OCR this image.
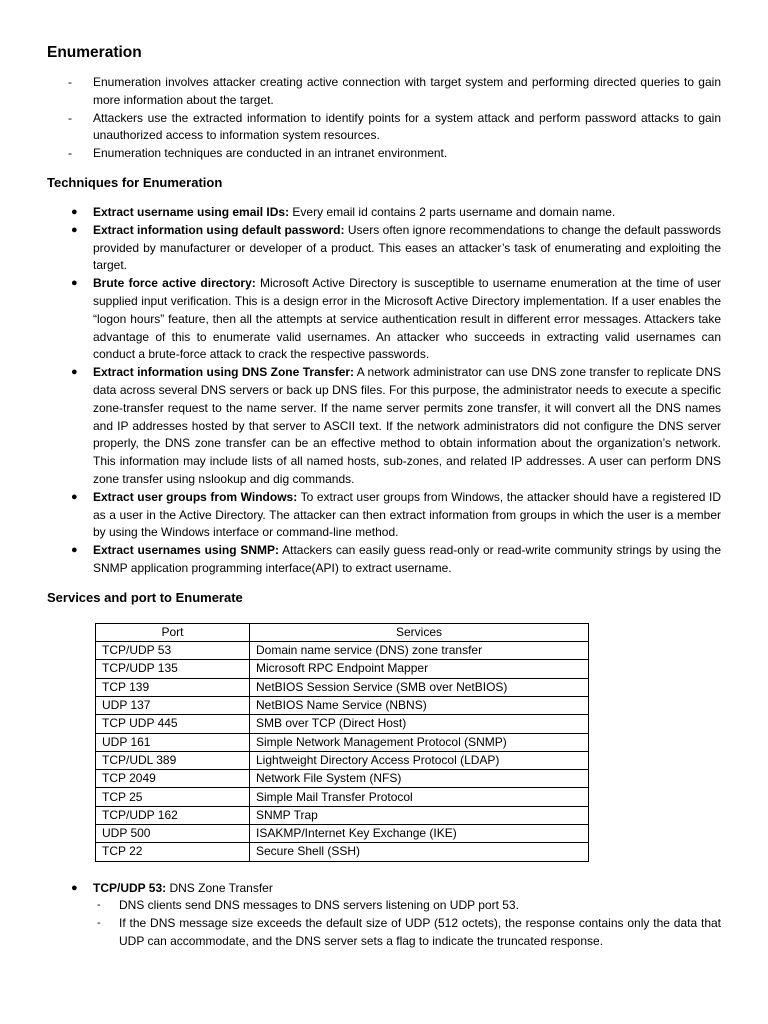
Enumeration
- Enumeration involves attacker creating active connection with target system and performing directed queries to gain more information about the target.
- Attackers use the extracted information to identify points for a system attack and perform password attacks to gain unauthorized access to information system resources.
- Enumeration techniques are conducted in an intranet environment.
Techniques for Enumeration
● Extract username using email IDs: Every email id contains 2 parts username and domain name.
● Extract information using default password: Users often ignore recommendations to change the default passwords provided by manufacturer or developer of a product. This eases an attacker’s task of enumerating and exploiting the target.
● Brute force active directory: Microsoft Active Directory is susceptible to username enumeration at the time of user supplied input verification. This is a design error in the Microsoft Active Directory implementation. If a user enables the “logon hours” feature, then all the attempts at service authentication result in different error messages. Attackers take advantage of this to enumerate valid usernames. An attacker who succeeds in extracting valid usernames can conduct a brute-force attack to crack the respective passwords.
● Extract information using DNS Zone Transfer: A network administrator can use DNS zone transfer to replicate DNS data across several DNS servers or back up DNS files. For this purpose, the administrator needs to execute a specific zone-transfer request to the name server. If the name server permits zone transfer, it will convert all the DNS names and IP addresses hosted by that server to ASCII text. If the network administrators did not configure the DNS server properly, the DNS zone transfer can be an effective method to obtain information about the organization’s network. This information may include lists of all named hosts, sub-zones, and related IP addresses. A user can perform DNS zone transfer using nslookup and dig commands.
● Extract user groups from Windows: To extract user groups from Windows, the attacker should have a registered ID as a user in the Active Directory. The attacker can then extract information from groups in which the user is a member by using the Windows interface or command-line method.
● Extract usernames using SNMP: Attackers can easily guess read-only or read-write community strings by using the SNMP application programming interface(API) to extract username.
Services and port to Enumerate
Port	Services
TCP/UDP 53	Domain name service (DNS) zone transfer
TCP/UDP 135	Microsoft RPC Endpoint Mapper
TCP 139	NetBIOS Session Service (SMB over NetBIOS)
UDP 137	NetBIOS Name Service (NBNS)
TCP UDP 445	SMB over TCP (Direct Host)
UDP 161	Simple Network Management Protocol (SNMP)
TCP/UDL 389	Lightweight Directory Access Protocol (LDAP)
TCP 2049	Network File System (NFS)
TCP 25	Simple Mail Transfer Protocol
TCP/UDP 162	SNMP Trap
UDP 500	ISAKMP/Internet Key Exchange (IKE)
TCP 22	Secure Shell (SSH)
● TCP/UDP 53: DNS Zone Transfer
- DNS clients send DNS messages to DNS servers listening on UDP port 53.
- If the DNS message size exceeds the default size of UDP (512 octets), the response contains only the data that UDP can accommodate, and the DNS server sets a flag to indicate the truncated response.
